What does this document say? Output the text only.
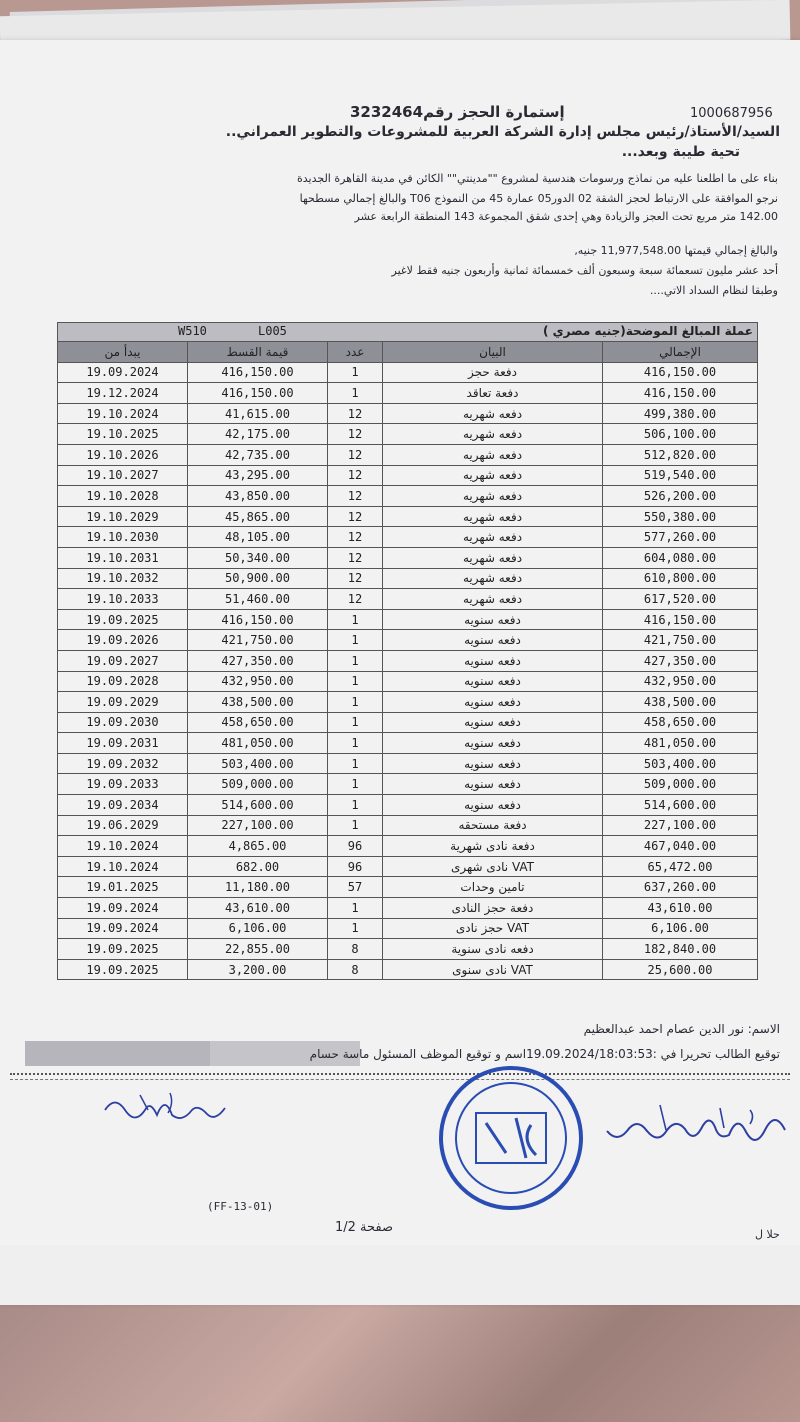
1000687956
إستمارة الحجز رقم3232464
السيد/الأستاذ/رئيس مجلس إدارة الشركة العربية للمشروعات والتطوير العمراني..
تحية طيبة وبعد...
بناء على ما اطلعنا عليه من نماذج ورسومات هندسية لمشروع ""مدينتي"" الكائن في مدينة القاهرة الجديدة
نرجو الموافقة على الارتباط لحجز الشقة 02 الدور05 عمارة 45 من النموذج T06 والبالغ إجمالي مسطحها
142.00 متر مربع تحت العجز والزيادة وهي إحدى شقق المجموعة 143 المنطقة الرابعة عشر
والبالغ إجمالي قيمتها 11,977,548.00 جنيه,
أحد عشر مليون تسعمائة سبعة وسبعون ألف خمسمائة ثمانية وأربعون جنيه فقط لاغير
وطبقا لنظام السداد الاتي....
W510 L005 عملة المبالغ الموضحة(جنيه مصري )				

يبدأ من	قيمة القسط	عدد	البيان	الإجمالي
19.09.2024	416,150.00	1	دفعة حجز	416,150.00
19.12.2024	416,150.00	1	دفعة تعاقد	416,150.00
19.10.2024	41,615.00	12	دفعه شهريه	499,380.00
19.10.2025	42,175.00	12	دفعه شهريه	506,100.00
19.10.2026	42,735.00	12	دفعه شهريه	512,820.00
19.10.2027	43,295.00	12	دفعه شهريه	519,540.00
19.10.2028	43,850.00	12	دفعه شهريه	526,200.00
19.10.2029	45,865.00	12	دفعه شهريه	550,380.00
19.10.2030	48,105.00	12	دفعه شهريه	577,260.00
19.10.2031	50,340.00	12	دفعه شهريه	604,080.00
19.10.2032	50,900.00	12	دفعه شهريه	610,800.00
19.10.2033	51,460.00	12	دفعه شهريه	617,520.00
19.09.2025	416,150.00	1	دفعه سنويه	416,150.00
19.09.2026	421,750.00	1	دفعه سنويه	421,750.00
19.09.2027	427,350.00	1	دفعه سنويه	427,350.00
19.09.2028	432,950.00	1	دفعه سنويه	432,950.00
19.09.2029	438,500.00	1	دفعه سنويه	438,500.00
19.09.2030	458,650.00	1	دفعه سنويه	458,650.00
19.09.2031	481,050.00	1	دفعه سنويه	481,050.00
19.09.2032	503,400.00	1	دفعه سنويه	503,400.00
19.09.2033	509,000.00	1	دفعه سنويه	509,000.00
19.09.2034	514,600.00	1	دفعه سنويه	514,600.00
19.06.2029	227,100.00	1	دفعة مستحقه	227,100.00
19.10.2024	4,865.00	96	دفعة نادى شهرية	467,040.00
19.10.2024	682.00	96	VAT نادى شهرى	65,472.00
19.01.2025	11,180.00	57	تامين وحدات	637,260.00
19.09.2024	43,610.00	1	دفعة حجز النادى	43,610.00
19.09.2024	6,106.00	1	VAT حجز نادى	6,106.00
19.09.2025	22,855.00	8	دفعه نادى سنوية	182,840.00
19.09.2025	3,200.00	8	VAT نادى سنوى	25,600.00
الاسم: نور الدين عصام احمد عبدالعظيم
توقيع الطالب تحريرا في :19.09.2024/18:03:53اسم و توقيع الموظف المسئول ماسة حسام
(FF-13-01)
صفحة 1/2	حلا ل
